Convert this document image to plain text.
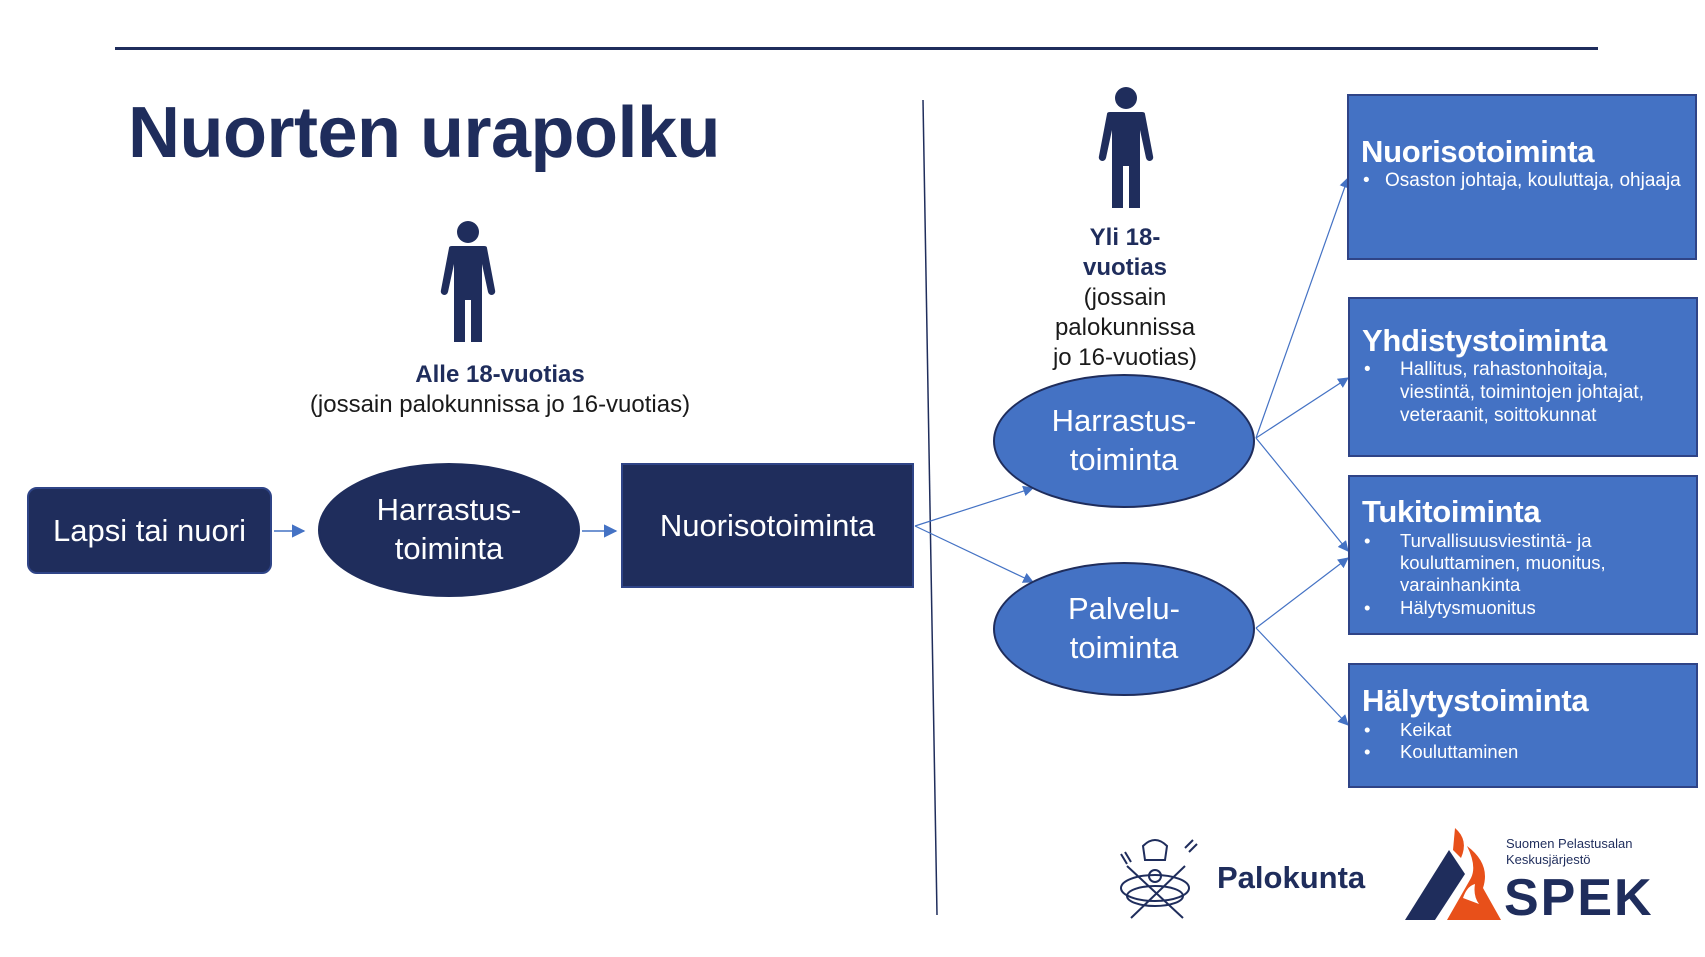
Nuorten urapolku
Alle 18-vuotias
(jossain palokunnissa jo 16-vuotias)
Yli 18-
vuotias
(jossain
palokunnissa
jo 16-vuotias)
Lapsi tai nuori
Harrastus-
toiminta
Nuorisotoiminta
Harrastus-
toiminta
Palvelu-
toiminta
Nuorisotoiminta
• Osaston johtaja, kouluttaja, ohjaaja
Yhdistystoiminta
• Hallitus, rahastonhoitaja, viestintä, toimintojen johtajat, veteraanit, soittokunnat
Tukitoiminta
• Turvallisuusviestintä- ja kouluttaminen, muonitus, varainhankinta
• Hälytysmuonitus
Hälytystoiminta
• Keikat
• Kouluttaminen
Palokunta
Suomen Pelastusalan
Keskusjärjestö
SPEK
